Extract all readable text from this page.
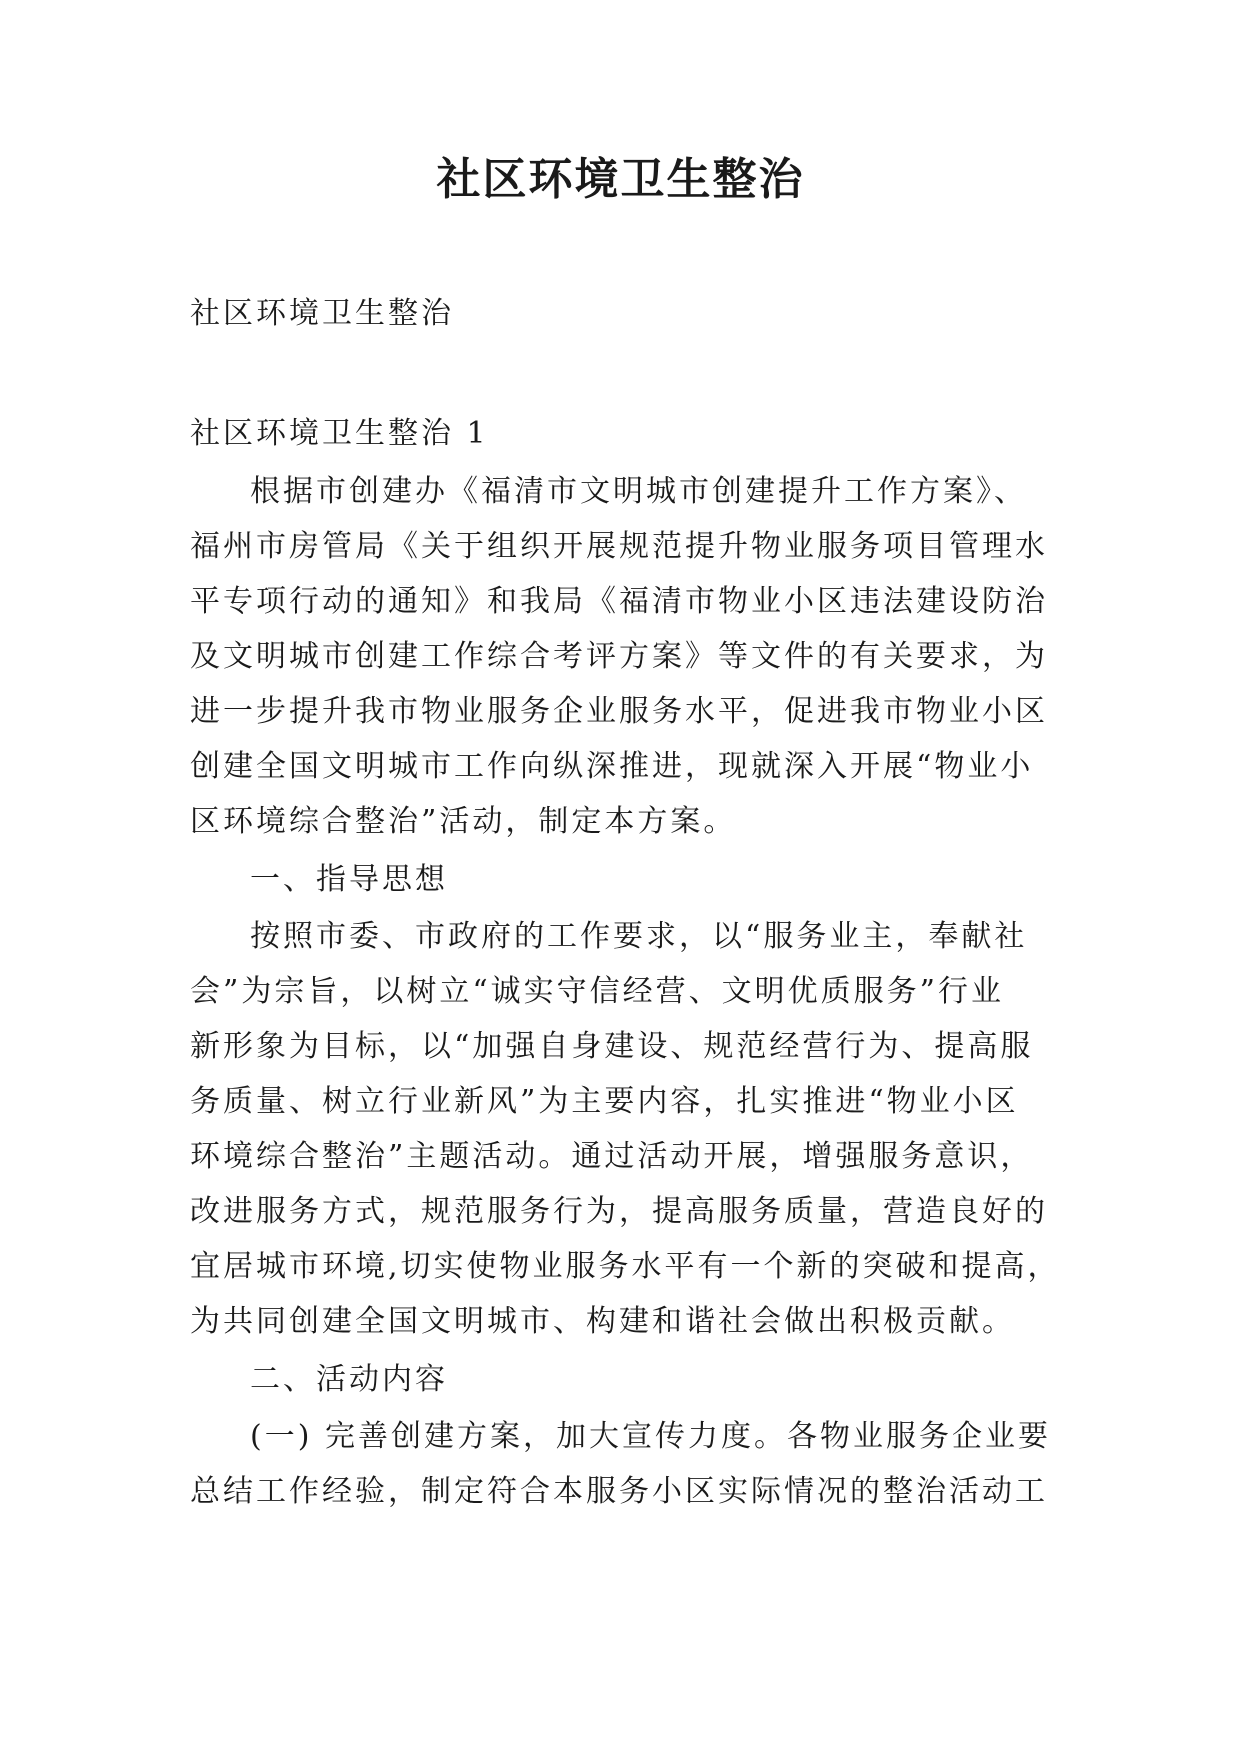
社区环境卫生整治

社区环境卫生整治

社区环境卫生整治 1

根据市创建办《福清市文明城市创建提升工作方案》、

福州市房管局《关于组织开展规范提升物业服务项目管理水

平专项行动的通知》和我局《福清市物业小区违法建设防治

及文明城市创建工作综合考评方案》等文件的有关要求，为

进一步提升我市物业服务企业服务水平，促进我市物业小区

创建全国文明城市工作向纵深推进，现就深入开展“物业小

区环境综合整治”活动，制定本方案。

一、指导思想

按照市委、市政府的工作要求，以“服务业主，奉献社

会”为宗旨，以树立“诚实守信经营、文明优质服务”行业

新形象为目标，以“加强自身建设、规范经营行为、提高服

务质量、树立行业新风”为主要内容，扎实推进“物业小区

环境综合整治”主题活动。通过活动开展，增强服务意识，

改进服务方式，规范服务行为，提高服务质量，营造良好的

宜居城市环境,切实使物业服务水平有一个新的突破和提高，

为共同创建全国文明城市、构建和谐社会做出积极贡献。

二、活动内容

(一) 完善创建方案，加大宣传力度。各物业服务企业要

总结工作经验，制定符合本服务小区实际情况的整治活动工
